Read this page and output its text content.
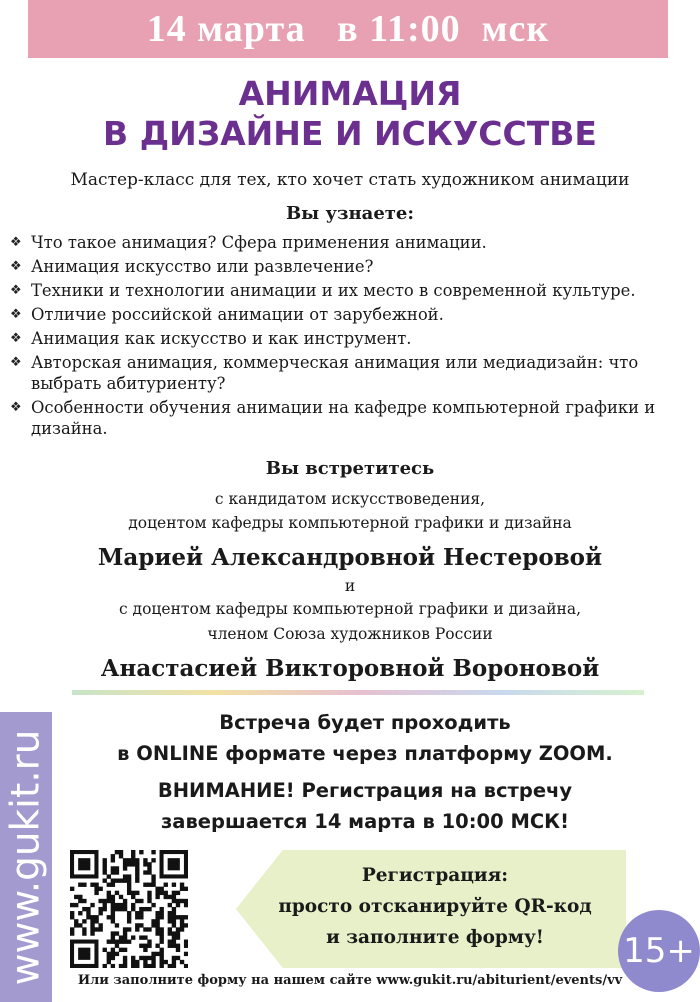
14 марта   в 11:00  мск
АНИМАЦИЯ
В ДИЗАЙНЕ И ИСКУССТВЕ
Мастер-класс для тех, кто хочет стать художником анимации
Вы узнаете:
❖ Что такое анимация? Сфера применения анимации.
❖ Анимация искусство или развлечение?
❖ Техники и технологии анимации и их место в современной культуре.
❖ Отличие российской анимации от зарубежной.
❖ Анимация как искусство и как инструмент.
❖ Авторская анимация, коммерческая анимация или медиадизайн: что выбрать абитуриенту?
❖ Особенности обучения анимации на кафедре компьютерной графики и дизайна.
Вы встретитесь
с кандидатом искусствоведения,
доцентом кафедры компьютерной графики и дизайна
Марией Александровной Нестеровой
и
с доцентом кафедры компьютерной графики и дизайна,
членом Союза художников России
Анастасией Викторовной Вороновой
Встреча будет проходить
в ONLINE формате через платформу ZOOM.
ВНИМАНИЕ! Регистрация на встречу
завершается 14 марта в 10:00 МСК!
www.gukit.ru	Регистрация:
просто отсканируйте QR-код
и заполните форму!	15+
Или заполните форму на нашем сайте www.gukit.ru/abiturient/events/vv
